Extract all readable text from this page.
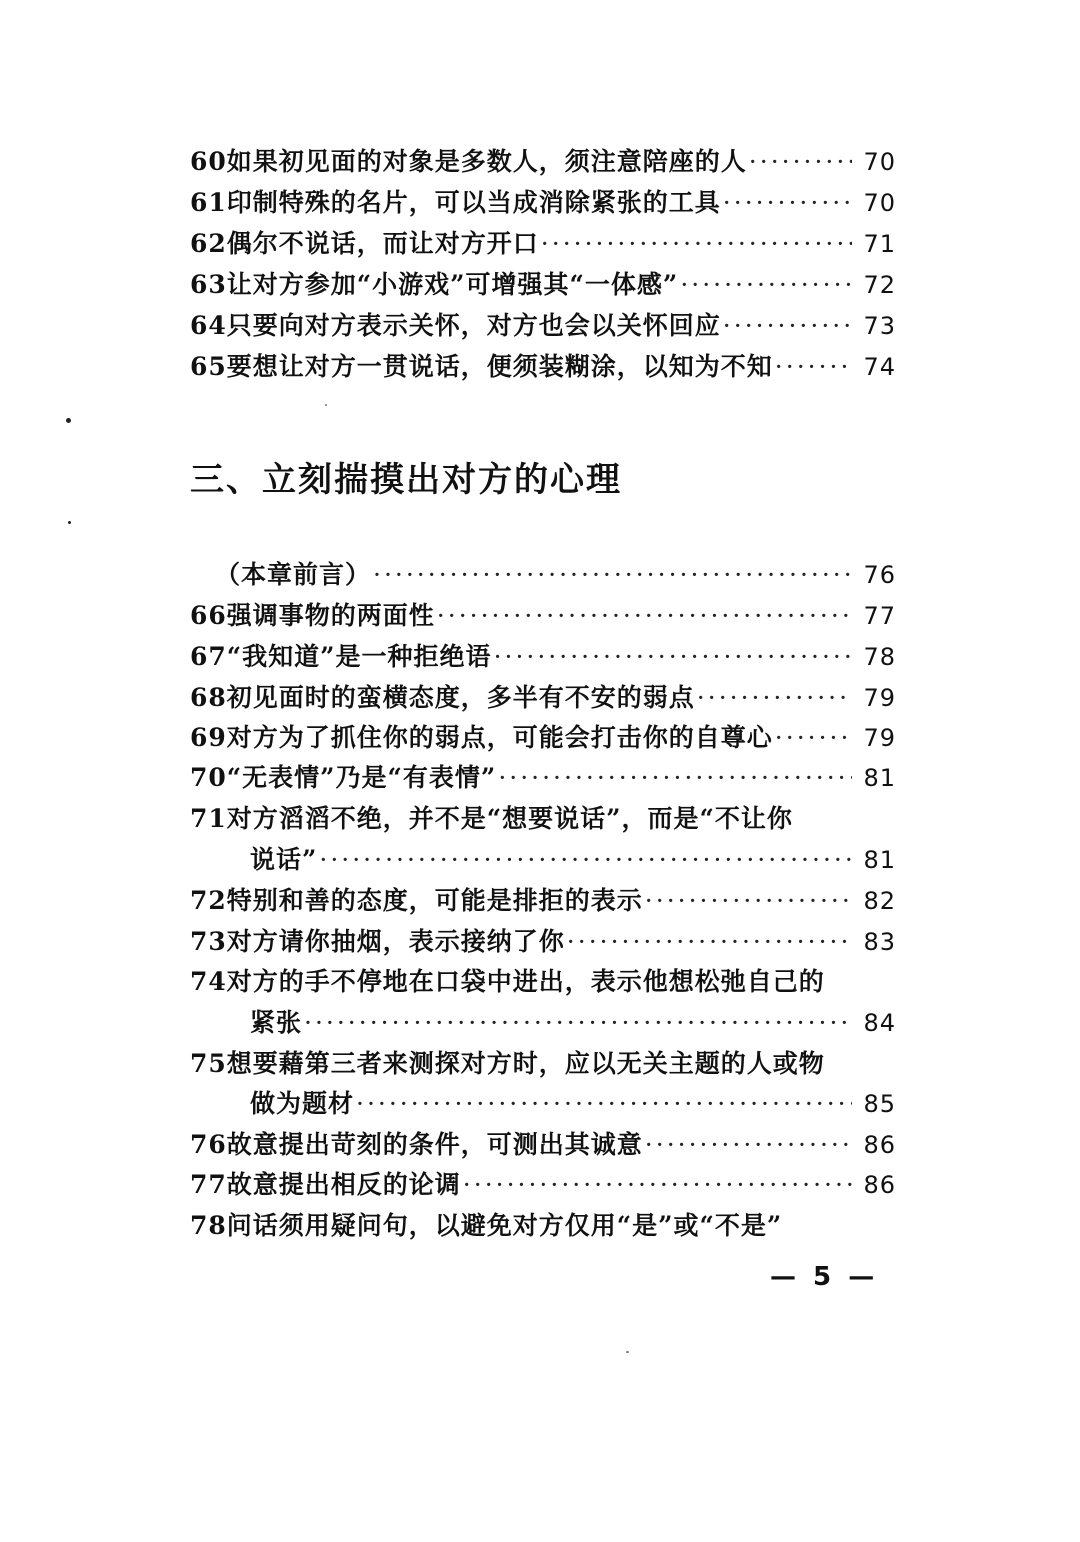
60如果初见面的对象是多数人，须注意陪座的人 ·····	70
61印制特殊的名片，可以当成消除紧张的工具 ·····	70
62偶尔不说话，而让对方开口 ·····	71
63让对方参加“小游戏”可增强其“一体感” ·····	72
64只要向对方表示关怀，对方也会以关怀回应 ·····	73
65要想让对方一贯说话，便须装糊涂，以知为不知 ·····	74
三、立刻揣摸出对方的心理
（本章前言） ·····	76
66强调事物的两面性 ·····	77
67“我知道”是一种拒绝语 ·····	78
68初见面时的蛮横态度，多半有不安的弱点 ·····	79
69对方为了抓住你的弱点，可能会打击你的自尊心 ·····	79
70“无表情”乃是“有表情” ·····	81
71对方滔滔不绝，并不是“想要说话”，而是“不让你
说话” ·····	81
72特别和善的态度，可能是排拒的表示 ·····	82
73对方请你抽烟，表示接纳了你 ·····	83
74对方的手不停地在口袋中进出，表示他想松弛自己的
紧张 ·····	84
75想要藉第三者来测探对方时，应以无关主题的人或物
做为题材 ·····	85
76故意提出苛刻的条件，可测出其诚意 ·····	86
77故意提出相反的论调 ·····	86
78问话须用疑问句，以避免对方仅用“是”或“不是”
— 5 —
